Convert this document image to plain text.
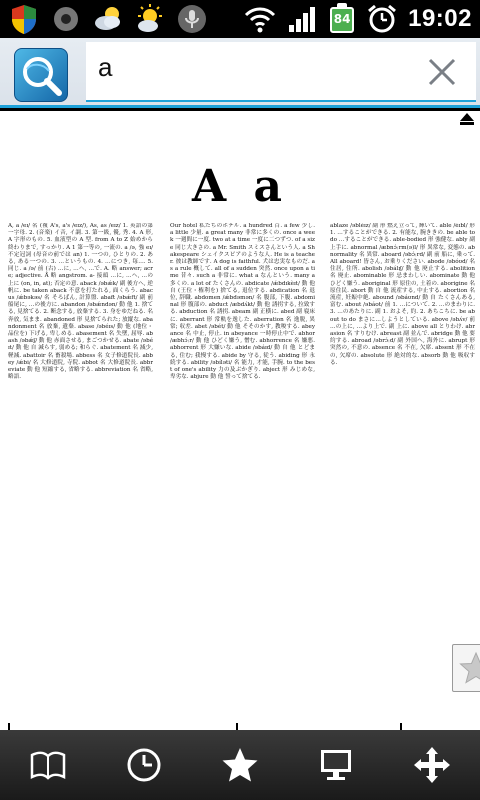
84 19:02
a
A a
A, a /eɪ/ 名 (複 A's, a's /eɪz/), As, as /eɪz/ 1. 英語の第一字母. 2. (音楽) イ音, イ調. 3. 第一級, 優, 秀. 4. A 形, A 字形のもの. 5. 血液型の A 型. from A to Z 始めから終わりまで, すっかり. A 1 第一等の, 一流の. a /ə, 強 eɪ/ 不定冠詞 (母音の前では an) 1. 一つの, ひとりの. 2. ある, ある一つの. 3. …というもの. 4. …につき, 毎…. 5. 同じ. a /ə/ 前 (古) …に, …へ, …で. A. 略 answer; acre; adjective. Å 略 angstrom. a- 接頭 …に, …へ, …の上に (on, in, at); 否定の意. aback /əbǽk/ 副 後方へ, 逆帆に. be taken aback 不意を打たれる, 面くらう. abacus /ǽbəkəs/ 名 そろばん, 計算盤. abaft /əbǽft/ 副 前 船尾に, …の後方に. abandon /əbǽndən/ 動 他 1. 捨てる, 見捨てる. 2. 断念する, 放棄する. 3. 身をゆだねる. 名 奔放, 気まま. abandoned 形 見捨てられた; 放縦な. abandonment 名 放棄, 遺棄. abase /əbéɪs/ 動 他 (地位・品位を) 下げる, 卑しめる. abasement 名 失墜, 屈辱. abash /əbǽʃ/ 動 他 赤面させる, まごつかせる. abate /əbéɪt/ 動 他 自 減らす, 弱める; 和らぐ. abatement 名 減少, 軽減. abattoir 名 畜殺場. abbess 名 女子修道院長. abbey /ǽbi/ 名 大修道院, 寺院. abbot 名 大修道院長. abbreviate 動 他 短縮する, 省略する. abbreviation 名 省略, 略語.
Our hotel 私たちのホテル. a hundred 百. a few 少し. a little 少量. a great many 非常に多くの. once a week 一週間に一度. two at a time 一度に二つずつ. of a size 同じ大きさの. a Mr. Smith スミスさんという人. a Shakespeare シェイクスピアのような人. He is a teacher. 彼は教師です. A dog is faithful. 犬は忠実なものだ. as a rule 概して. all of a sudden 突然. once upon a time 昔々. such a 非常に. what a なんという. many a 多くの. a lot of たくさんの. abdicate /ǽbdɪkèɪt/ 動 他 自 (王位・権利を) 捨てる, 退位する. abdication 名 退位, 辞職. abdomen /ǽbdəmən/ 名 腹部, 下腹. abdominal 形 腹部の. abduct /æbdʌ́kt/ 動 他 誘拐する, 拉致する. abduction 名 誘拐. abeam 副 正横に. abed 副 寝床に. aberrant 形 常軌を逸した. aberration 名 逸脱, 異常; 収差. abet /əbét/ 動 他 そそのかす, 教唆する. abeyance 名 中止, 停止. in abeyance 一時停止中で. abhor /æbhɔ́ːr/ 動 他 ひどく嫌う, 憎む. abhorrence 名 嫌悪. abhorrent 形 大嫌いな. abide /əbáɪd/ 動 自 他 とどまる, 住む; 我慢する. abide by 守る, 従う. abiding 形 永続する. ability /əbíləti/ 名 能力, 才能, 手腕. to the best of one's ability 力の及ぶかぎり. abject 形 みじめな, 卑劣な. abjure 動 他 誓って捨てる.
ablaze /əbléɪz/ 副 形 燃え立って, 輝いて. able /éɪbl/ 形 1. …することができる. 2. 有能な, 腕ききの. be able to do …することができる. able-bodied 形 強健な. ably 副 上手に. abnormal /æbnɔ́ːrm(ə)l/ 形 異常な, 変態の. abnormality 名 異常. aboard /əbɔ́ːrd/ 副 前 船に, 乗って. All aboard! 皆さん, お乗りください. abode /əbóʊd/ 名 住居, 住所. abolish /əbálɪʃ/ 動 他 廃止する. abolition 名 廃止. abominable 形 忌まわしい. abominate 動 他 ひどく嫌う. aboriginal 形 原住の, 土着の. aborigine 名 原住民. abort 動 自 他 流産する, 中止する. abortion 名 流産, 妊娠中絶. abound /əbáʊnd/ 動 自 たくさんある, 富む. about /əbáʊt/ 前 1. …について. 2. …のまわりに. 3. …のあたりに. 副 1. およそ, 約. 2. あちこちに. be about to do まさに…しようとしている. above /əbʌ́v/ 前 …の上に, …より上で. 副 上に. above all とりわけ. abrasion 名 すりむけ. abreast 副 並んで. abridge 動 他 要約する. abroad /əbrɔ́ːd/ 副 外国へ, 海外に. abrupt 形 突然の, 不意の. absence 名 不在, 欠席. absent 形 不在の, 欠席の. absolute 形 絶対的な. absorb 動 他 吸収する.
